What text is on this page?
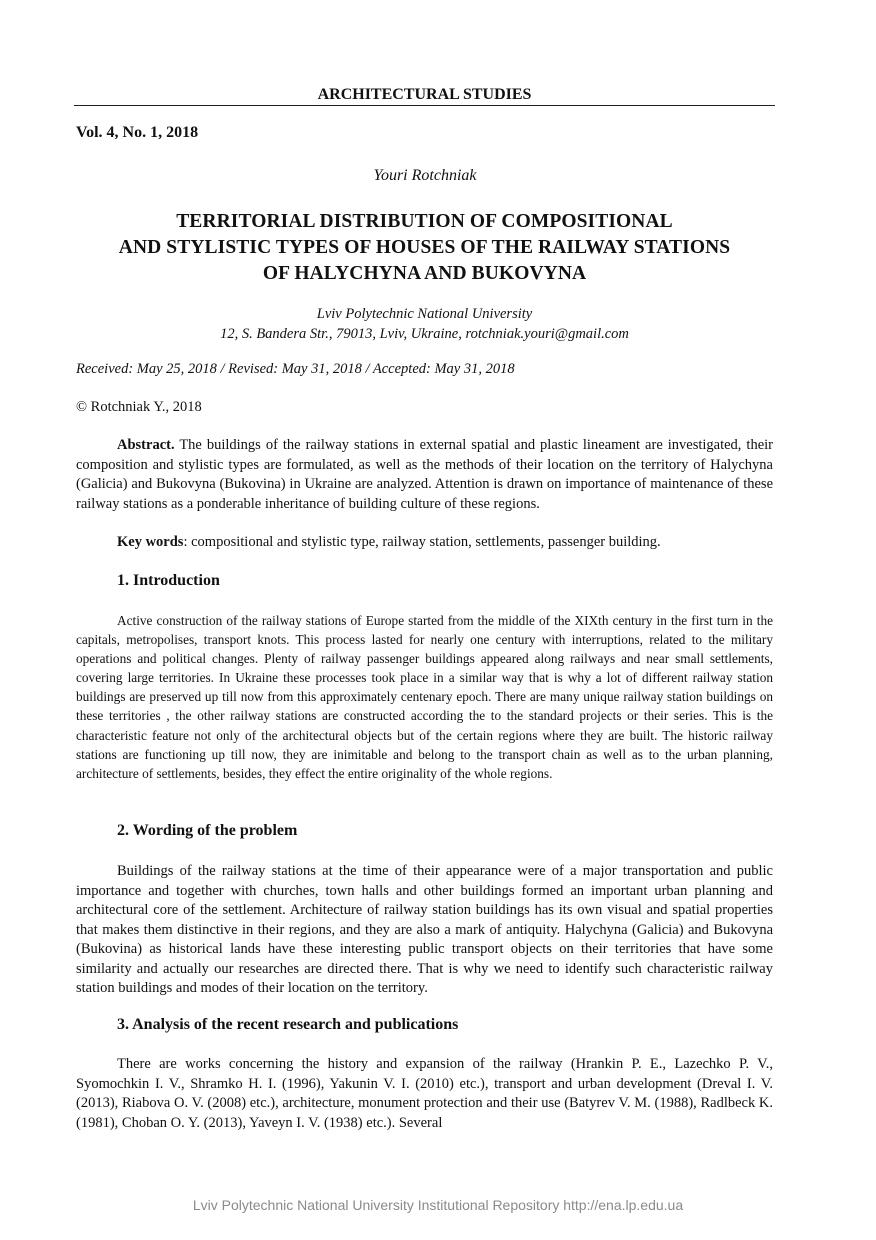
ARCHITECTURAL STUDIES
Vol. 4, No. 1, 2018
Youri Rotchniak
TERRITORIAL DISTRIBUTION OF COMPOSITIONAL
AND STYLISTIC TYPES OF HOUSES OF THE RAILWAY STATIONS
OF HALYCHYNA AND BUKOVYNA
Lviv Polytechnic National University
12, S. Bandera Str., 79013, Lviv, Ukraine, rotchniak.youri@gmail.com
Received: May 25, 2018 / Revised: May 31, 2018 / Accepted: May 31, 2018
© Rotchniak Y., 2018

Abstract. The buildings of the railway stations in external spatial and plastic lineament are investigated, their composition and stylistic types are formulated, as well as the methods of their location on the territory of Halychyna (Galicia) and Bukovyna (Bukovina) in Ukraine are analyzed. Attention is drawn on importance of maintenance of these railway stations as a ponderable inheritance of building culture of these regions.

Key words: compositional and stylistic type, railway station, settlements, passenger building.

1. Introduction

Active construction of the railway stations of Europe started from the middle of the XIXth century in the first turn in the capitals, metropolises, transport knots. This process lasted for nearly one century with interruptions, related to the military operations and political changes. Plenty of railway passenger buildings appeared along railways and near small settlements, covering large territories. In Ukraine these processes took place in a similar way that is why a lot of different railway station buildings are preserved up till now from this approximately centenary epoch. There are many unique railway station buildings on these territories , the other railway stations are constructed according the to the standard projects or their series. This is the characteristic feature not only of the architectural objects but of the certain regions where they are built. The historic railway stations are functioning up till now, they are inimitable and belong to the transport chain as well as to the urban planning, architecture of settlements, besides, they effect the entire originality of the whole regions.

2. Wording of the problem

Buildings of the railway stations at the time of their appearance were of a major transportation and public importance and together with churches, town halls and other buildings formed an important urban planning and architectural core of the settlement. Architecture of railway station buildings has its own visual and spatial properties that makes them distinctive in their regions, and they are also a mark of antiquity. Halychyna (Galicia) and Bukovyna (Bukovina) as historical lands have these interesting public transport objects on their territories that have some similarity and actually our researches are directed there. That is why we need to identify such characteristic railway station buildings and modes of their location on the territory.

3. Analysis of the recent research and publications

There are works concerning the history and expansion of the railway (Hrankin P. E., Lazechko P. V., Syomochkin I. V., Shramko H. I. (1996), Yakunin V. I. (2010) etc.), transport and urban development (Dreval I. V. (2013), Riabova O. V. (2008) etc.), architecture, monument protection and their use (Batyrev V. M. (1988), Radlbeck K. (1981), Choban O. Y. (2013), Yaveyn I. V. (1938) etc.). Several

Lviv Polytechnic National University Institutional Repository http://ena.lp.edu.ua
